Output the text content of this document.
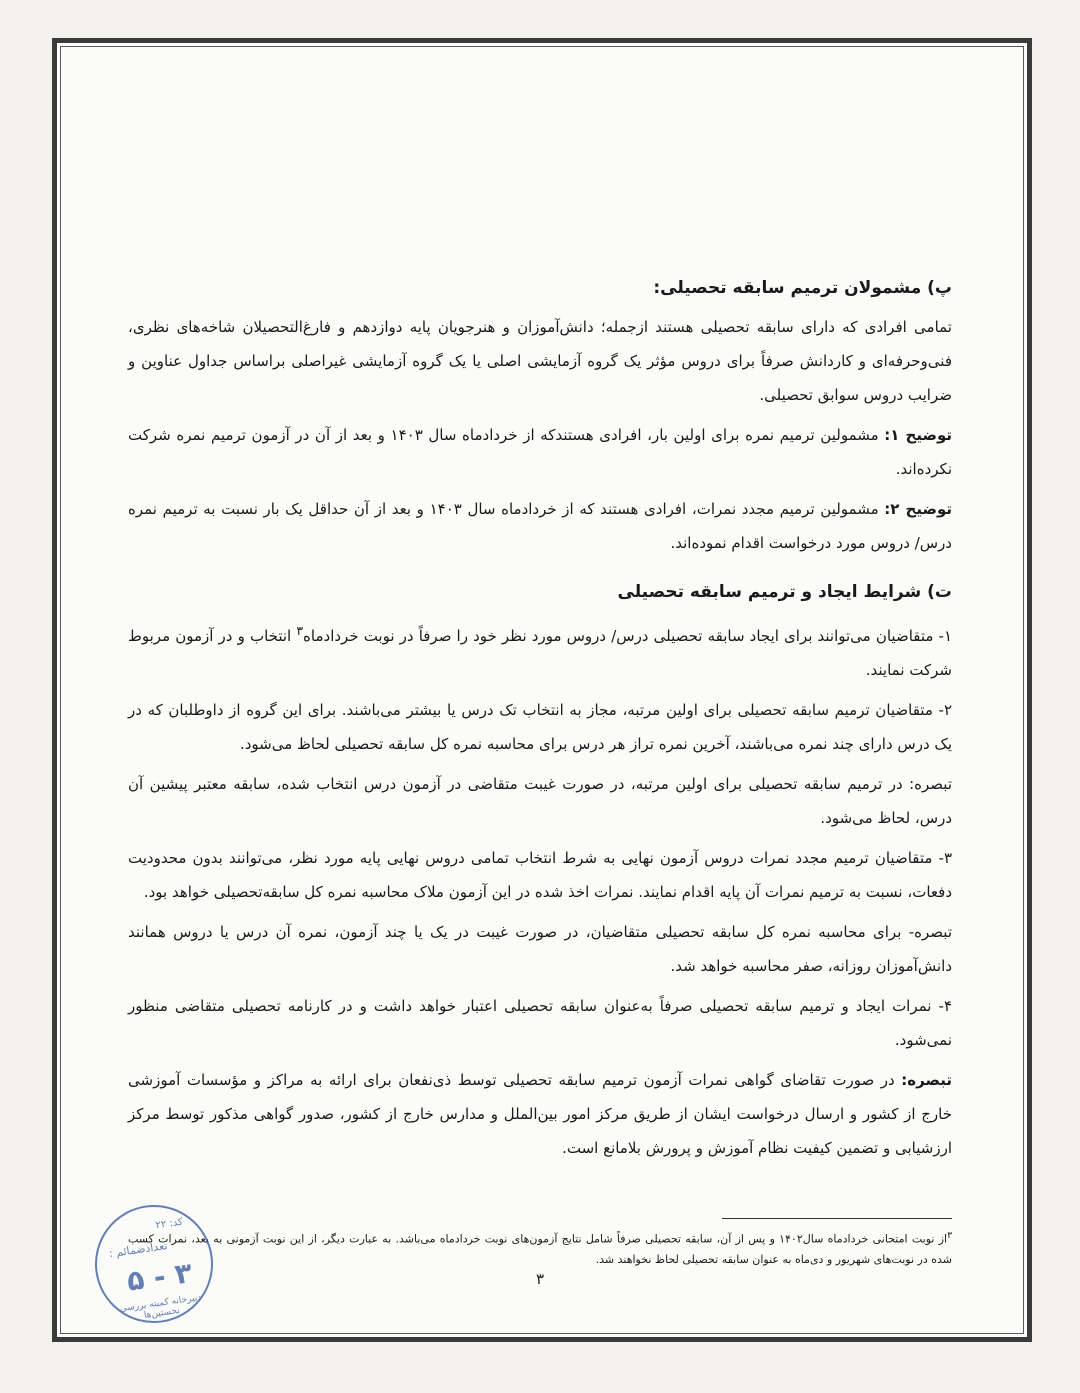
پ) مشمولان ترمیم سابقه تحصیلی:

تمامی افرادی که دارای سابقه تحصیلی هستند ازجمله؛ دانش‌آموزان و هنرجویان پایه دوازدهم و فارغ‌التحصیلان شاخه‌های نظری، فنی‌وحرفه‌ای و کاردانش صرفاً برای دروس مؤثر یک گروه آزمایشی اصلی یا یک گروه آزمایشی غیراصلی براساس جداول عناوین و ضرایب دروس سوابق تحصیلی.

توضیح ۱: مشمولین ترمیم نمره برای اولین بار، افرادی هستندکه از خردادماه سال ۱۴۰۳ و بعد از آن در آزمون ترمیم نمره شرکت نکرده‌اند.

توضیح ۲: مشمولین ترمیم مجدد نمرات، افرادی هستند که از خردادماه سال ۱۴۰۳ و بعد از آن حداقل یک بار نسبت به ترمیم نمره درس/ دروس مورد درخواست اقدام نموده‌اند.

ت) شرایط ایجاد و ترمیم سابقه تحصیلی

۱- متقاضیان می‌توانند برای ایجاد سابقه تحصیلی درس/ دروس مورد نظر خود را صرفاً در نوبت خردادماه$^۳$ انتخاب و در آزمون مربوط شرکت نمایند.

۲- متقاضیان ترمیم سابقه تحصیلی برای اولین مرتبه، مجاز به انتخاب تک درس یا بیشتر می‌باشند. برای این گروه از داوطلبان که در یک درس دارای چند نمره می‌باشند، آخرین نمره تراز هر درس برای محاسبه نمره کل سابقه تحصیلی لحاظ می‌شود.

تبصره: در ترمیم سابقه تحصیلی برای اولین مرتبه، در صورت غیبت متقاضی در آزمون درس انتخاب شده، سابقه معتبر پیشین آن درس، لحاظ می‌شود.

۳- متقاضیان ترمیم مجدد نمرات دروس آزمون نهایی به شرط انتخاب تمامی دروس نهایی پایه مورد نظر، می‌توانند بدون محدودیت دفعات، نسبت به ترمیم نمرات آن پایه اقدام نمایند. نمرات اخذ شده در این آزمون ملاک محاسبه نمره کل سابقه‌تحصیلی خواهد بود.

تبصره- برای محاسبه نمره کل سابقه تحصیلی متقاضیان، در صورت غیبت در یک یا چند آزمون، نمره آن درس یا دروس همانند دانش‌آموزان روزانه، صفر محاسبه خواهد شد.

۴- نمرات ایجاد و ترمیم سابقه تحصیلی صرفاً به‌عنوان سابقه تحصیلی اعتبار خواهد داشت و در کارنامه تحصیلی متقاضی منظور نمی‌شود.

تبصره: در صورت تقاضای گواهی نمرات آزمون ترمیم سابقه تحصیلی توسط ذی‌نفعان برای ارائه به مراکز و مؤسسات آموزشی خارج از کشور و ارسال درخواست ایشان از طریق مرکز امور بین‌الملل و مدارس خارج از کشور، صدور گواهی مذکور توسط مرکز ارزشیابی و تضمین کیفیت نظام آموزش و پرورش بلامانع است.

$^۳$از نوبت امتحانی خردادماه سال۱۴۰۲ و پس از آن، سابقه تحصیلی صرفاً شامل نتایج آزمون‌های نوبت خردادماه می‌باشد. به عبارت دیگر، از این نوبت آزمونی به بعد، نمرات کسب شده در نوبت‌های شهریور و دی‌ماه به عنوان سابقه تحصیلی لحاظ نخواهند شد.
۳
کد: ۲۲
تعدادضمائم :
۳ - ۵
دبیرخانه کمیته بررسی نخستین‌ها
